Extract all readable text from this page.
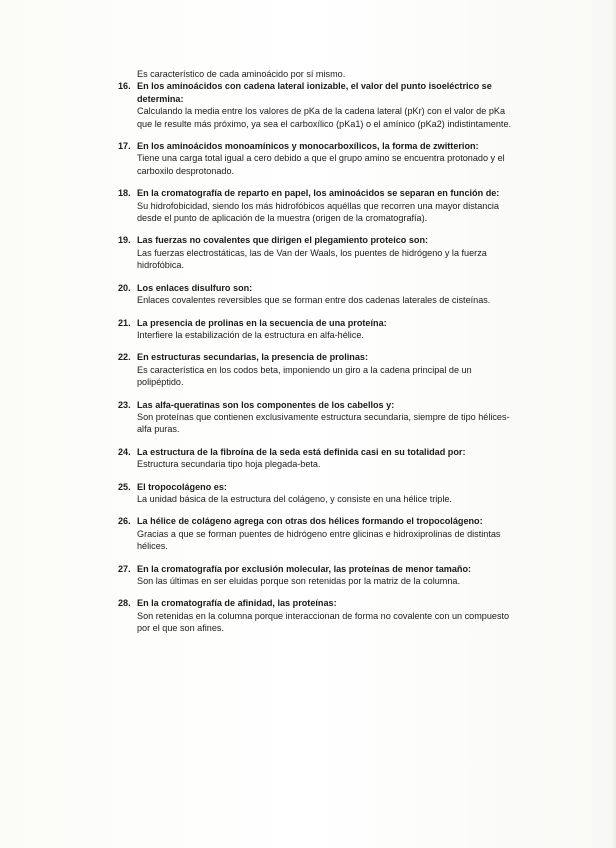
Es característico de cada aminoácido por sí mismo.
16. En los aminoácidos con cadena lateral ionizable, el valor del punto isoeléctrico se determina:
Calculando la media entre los valores de pKa de la cadena lateral (pKr) con el valor de pKa que le resulte más próximo, ya sea el carboxílico (pKa1) o el amínico (pKa2) indistintamente.
17. En los aminoácidos monoamínicos y monocarboxílicos, la forma de zwitterion:
Tiene una carga total igual a cero debido a que el grupo amino se encuentra protonado y el carboxilo desprotonado.
18. En la cromatografía de reparto en papel, los aminoácidos se separan en función de:
Su hidrofobicidad, siendo los más hidrofóbicos aquéllas que recorren una mayor distancia desde el punto de aplicación de la muestra (origen de la cromatografía).
19. Las fuerzas no covalentes que dirigen el plegamiento proteico son:
Las fuerzas electrostáticas, las de Van der Waals, los puentes de hidrógeno y la fuerza hidrofóbica.
20. Los enlaces disulfuro son:
Enlaces covalentes reversibles que se forman entre dos cadenas laterales de cisteínas.
21. La presencia de prolinas en la secuencia de una proteína:
Interfiere la estabilización de la estructura en alfa-hélice.
22. En estructuras secundarias, la presencia de prolinas:
Es característica en los codos beta, imponiendo un giro a la cadena principal de un polipéptido.
23. Las alfa-queratinas son los componentes de los cabellos y:
Son proteínas que contienen exclusivamente estructura secundaria, siempre de tipo hélices-alfa puras.
24. La estructura de la fibroína de la seda está definida casi en su totalidad por:
Estructura secundaria tipo hoja plegada-beta.
25. El tropocolágeno es:
La unidad básica de la estructura del colágeno, y consiste en una hélice triple.
26. La hélice de colágeno agrega con otras dos hélices formando el tropocolágeno:
Gracias a que se forman puentes de hidrógeno entre glicinas e hidroxiprolinas de distintas hélices.
27. En la cromatografía por exclusión molecular, las proteínas de menor tamaño:
Son las últimas en ser eluidas porque son retenidas por la matriz de la columna.
28. En la cromatografía de afinidad, las proteínas:
Son retenidas en la columna porque interaccionan de forma no covalente con un compuesto por el que son afines.
